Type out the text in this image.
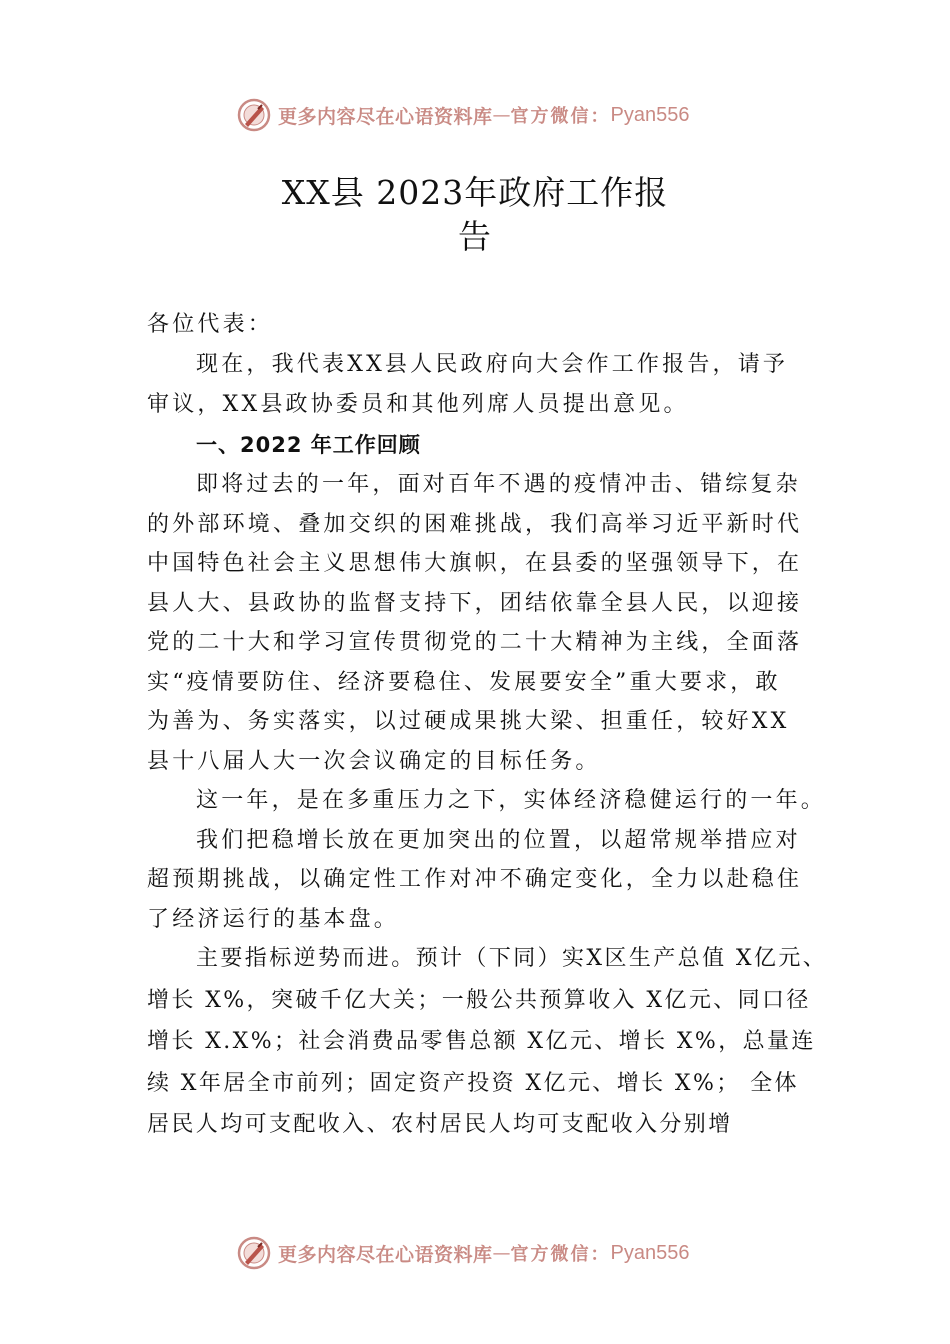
更多内容尽在心语资料库 — 官方微信： Pyan556
XX县 2023年政府工作报
告
各位代表：
现在，我代表XX县人民政府向大会作工作报告，请予
审议，XX县政协委员和其他列席人员提出意见。
一、2022 年工作回顾
即将过去的一年，面对百年不遇的疫情冲击、错综复杂
的外部环境、叠加交织的困难挑战，我们高举习近平新时代
中国特色社会主义思想伟大旗帜，在县委的坚强领导下，在
县人大、县政协的监督支持下，团结依靠全县人民，以迎接
党的二十大和学习宣传贯彻党的二十大精神为主线，全面落
实“疫情要防住、经济要稳住、发展要安全”重大要求，敢
为善为、务实落实，以过硬成果挑大梁、担重任，较好XX
县十八届人大一次会议确定的目标任务。
这一年，是在多重压力之下，实体经济稳健运行的一年。
我们把稳增长放在更加突出的位置，以超常规举措应对
超预期挑战，以确定性工作对冲不确定变化，全力以赴稳住
了经济运行的基本盘。
主要指标逆势而进。预计（下同）实X区生产总值 X亿元、
增长 X%，突破千亿大关；一般公共预算收入 X亿元、同口径
增长 X.X%；社会消费品零售总额 X亿元、增长 X%，总量连
续 X年居全市前列；固定资产投资 X亿元、增长 X%； 全体
居民人均可支配收入、农村居民人均可支配收入分别增
更多内容尽在心语资料库 — 官方微信： Pyan556
